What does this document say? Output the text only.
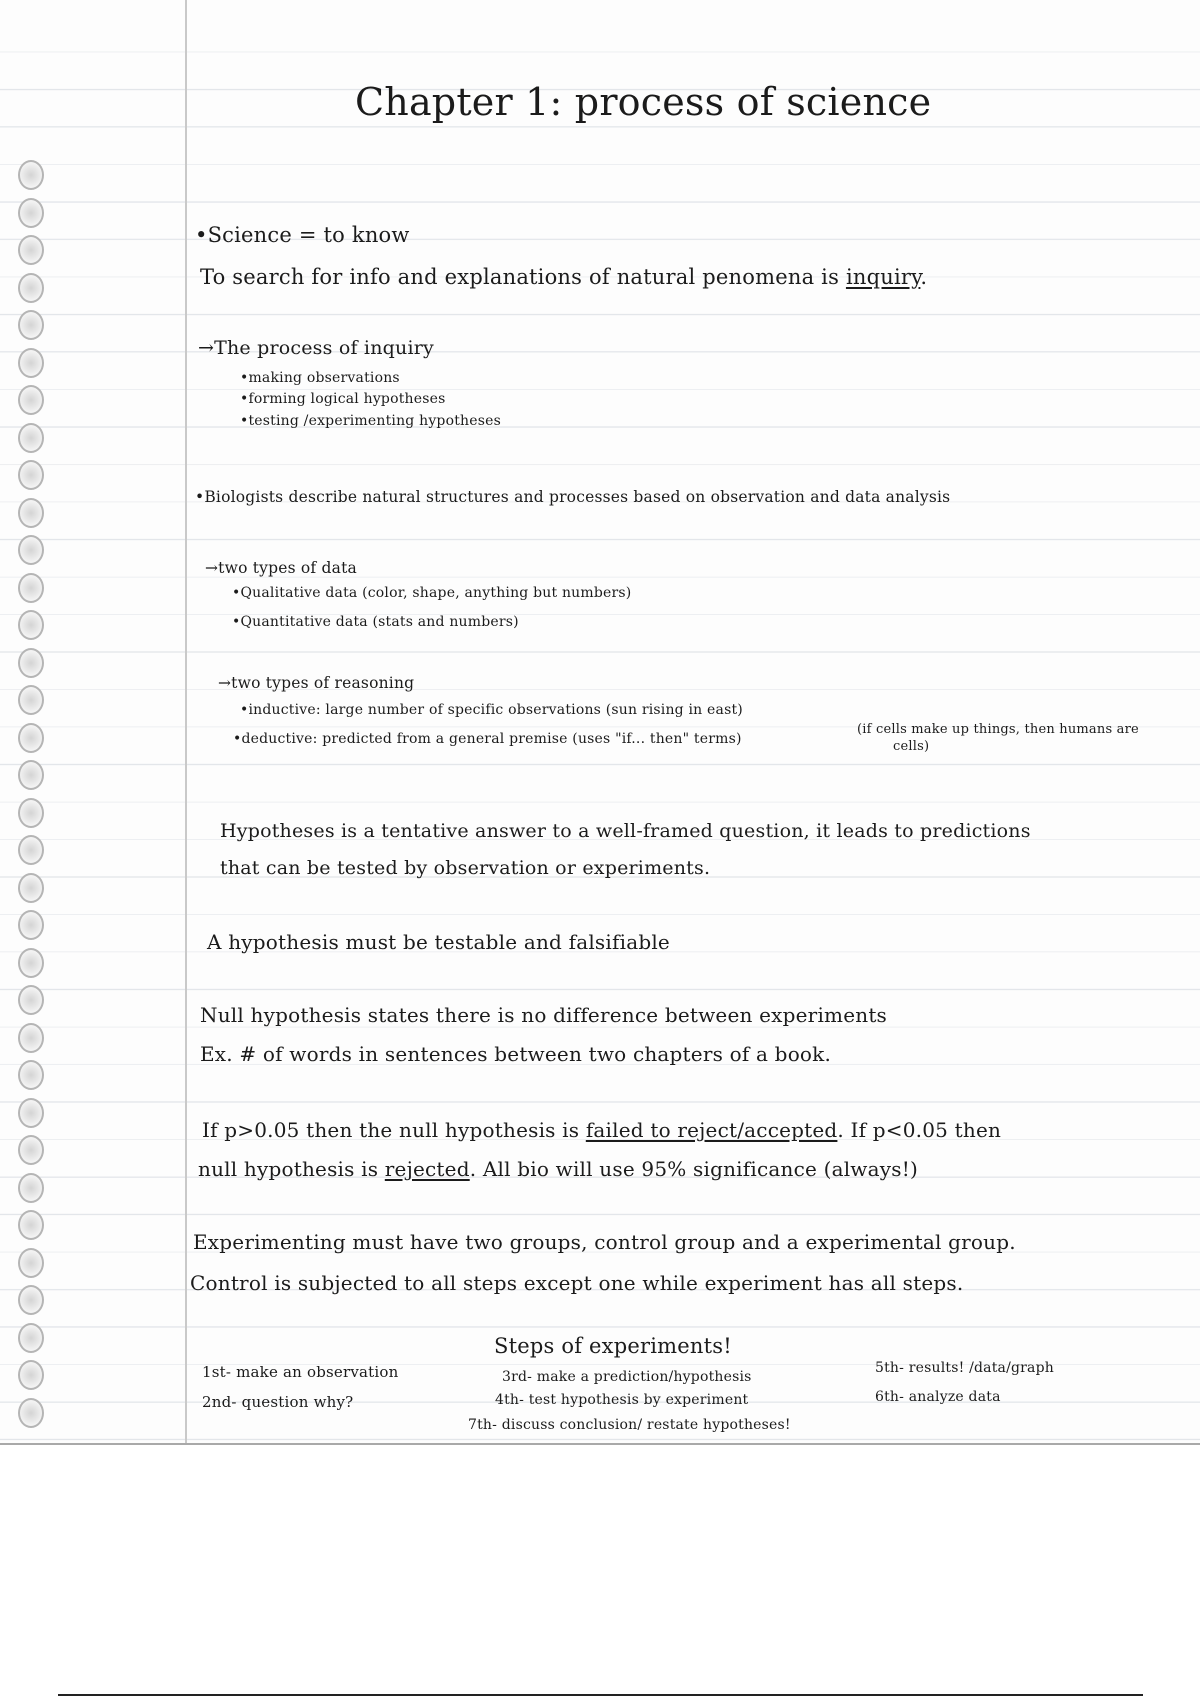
Chapter 1: process of science
•Science = to know
To search for info and explanations of natural penomena is inquiry.
→The process of inquiry
•making observations
•forming logical hypotheses
•testing /experimenting hypotheses
•Biologists describe natural structures and processes based on observation and data analysis
→two types of data
•Qualitative data (color, shape, anything but numbers)
•Quantitative data (stats and numbers)
→two types of reasoning
•inductive: large number of specific observations (sun rising in east)
•deductive: predicted from a general premise (uses "if... then" terms)
(if cells make up things, then humans are
cells)
Hypotheses is a tentative answer to a well-framed question, it leads to predictions
that can be tested by observation or experiments.
A hypothesis must be testable and falsifiable
Null hypothesis states there is no difference between experiments
Ex. # of words in sentences between two chapters of a book.
If p>0.05 then the null hypothesis is failed to reject/accepted. If p<0.05 then
null hypothesis is rejected. All bio will use 95% significance (always!)
Experimenting must have two groups, control group and a experimental group.
Control is subjected to all steps except one while experiment has all steps.
Steps of experiments!
1st- make an observation
2nd- question why?
3rd- make a prediction/hypothesis
4th- test hypothesis by experiment
5th- results! /data/graph
6th- analyze data
7th- discuss conclusion/ restate hypotheses!
